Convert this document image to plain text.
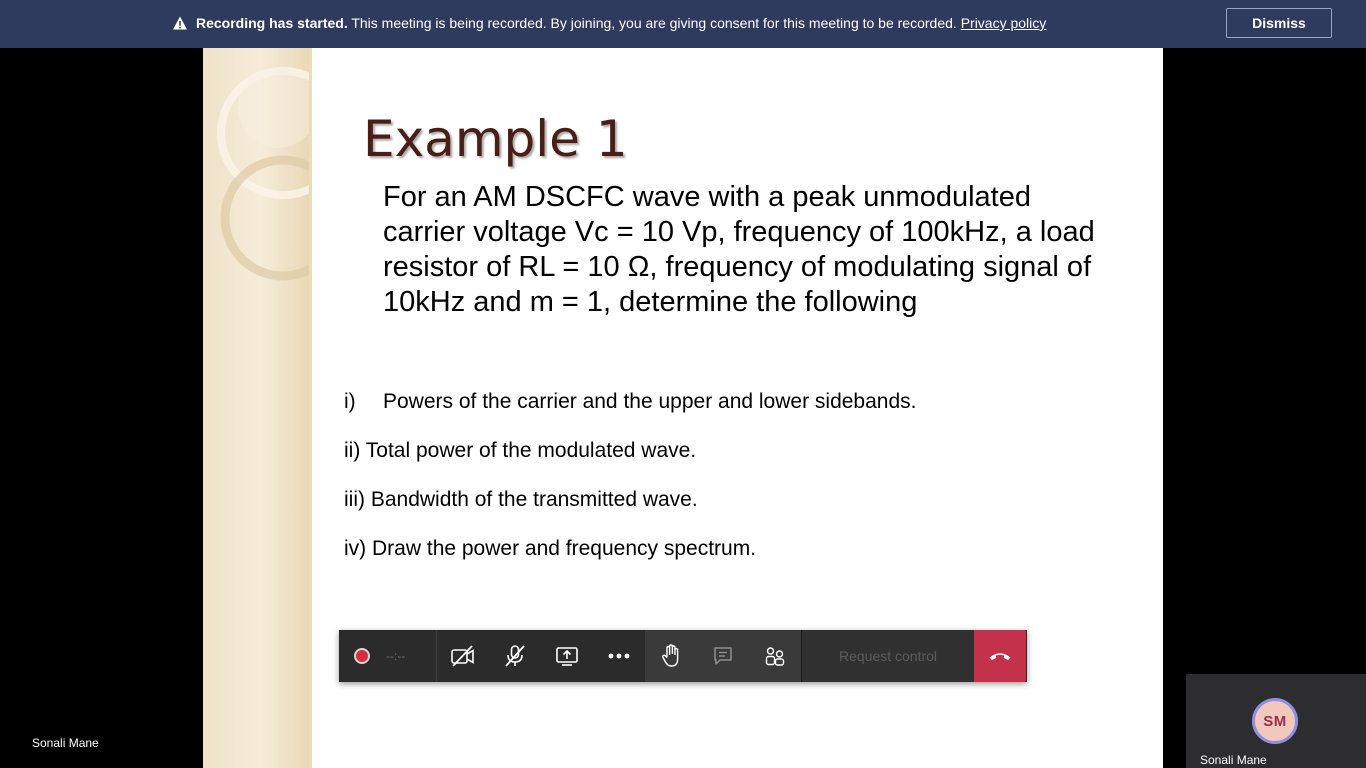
Recording has started. This meeting is being recorded. By joining, you are giving consent for this meeting to be recorded. Privacy policy	Dismiss
Example 1

For an AM DSCFC wave with a peak unmodulated carrier voltage Vc = 10 Vp, frequency of 100kHz, a load resistor of RL = 10 Ω, frequency of modulating signal of 10kHz and m = 1, determine the following

i) Powers of the carrier and the upper and lower sidebands.
ii) Total power of the modulated wave.
iii) Bandwidth of the transmitted wave.
iv) Draw the power and frequency spectrum.
--:--	Request control
Sonali Mane
SM
Sonali Mane
